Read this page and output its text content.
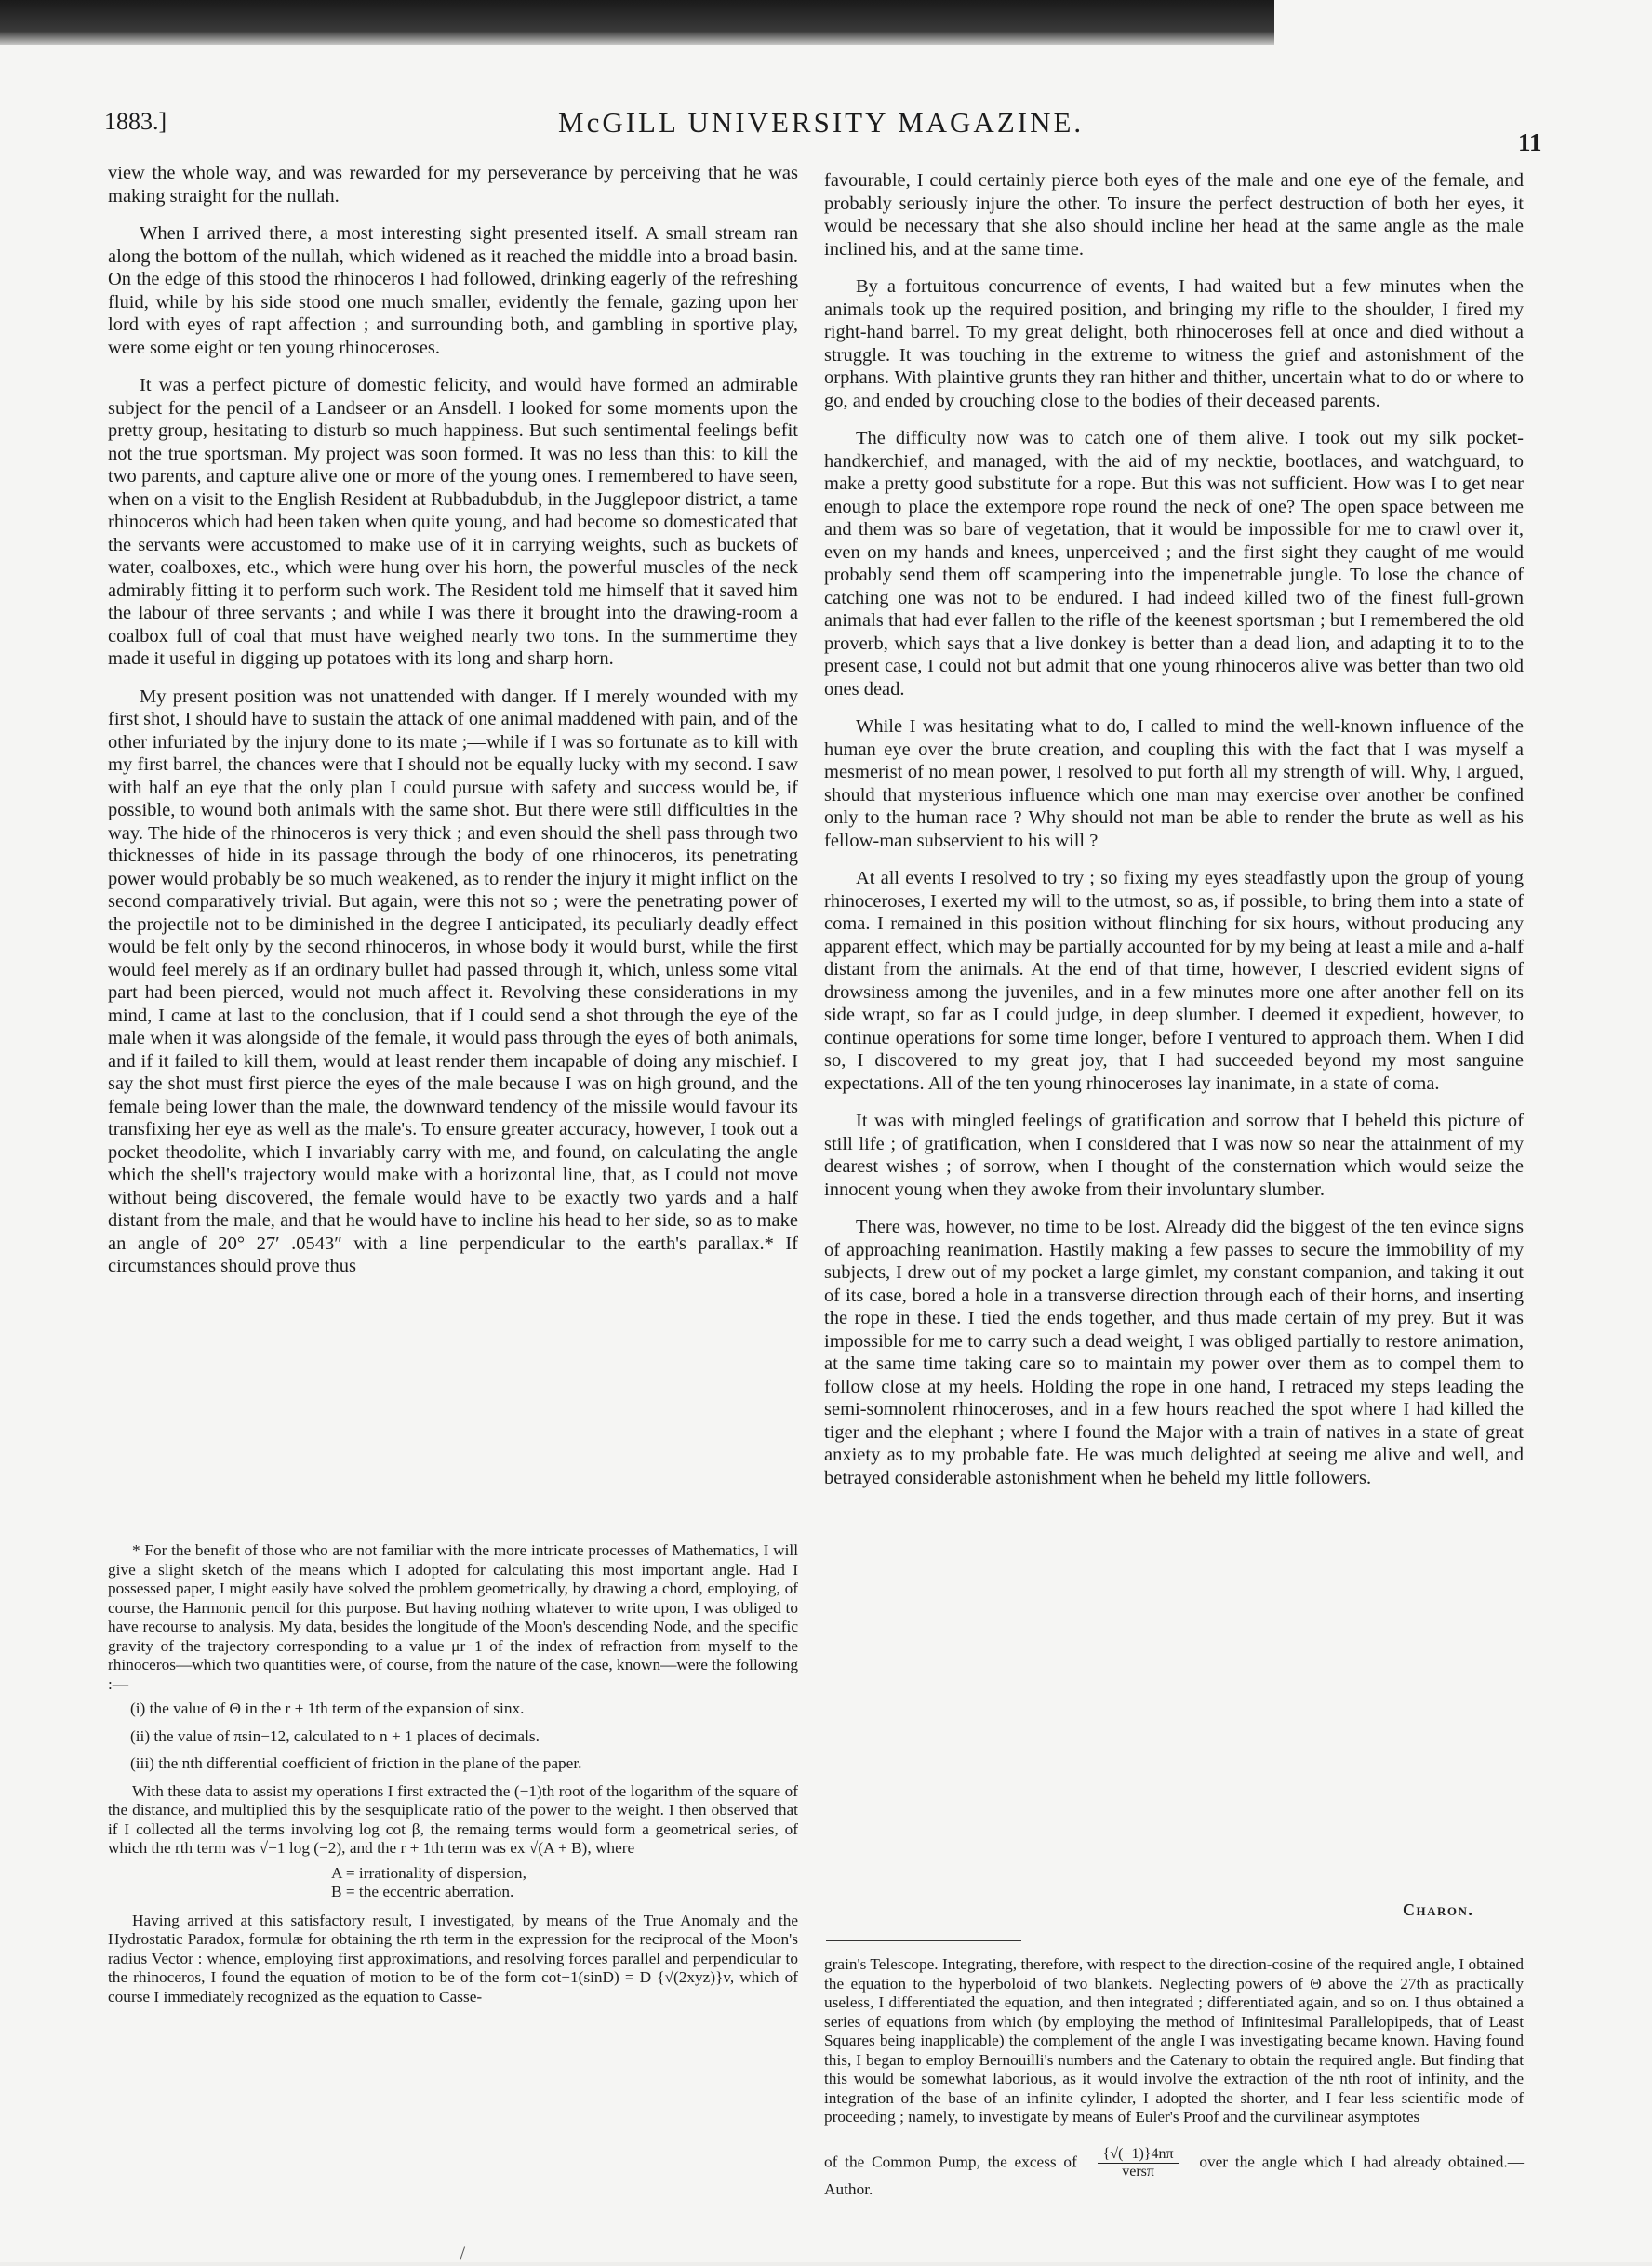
1883.]	McGILL UNIVERSITY MAGAZINE.
11

view the whole way, and was rewarded for my perseverance by perceiving that he was making straight for the nullah.

When I arrived there, a most interesting sight presented itself. A small stream ran along the bottom of the nullah, which widened as it reached the middle into a broad basin. On the edge of this stood the rhinoceros I had followed, drinking eagerly of the refreshing fluid, while by his side stood one much smaller, evidently the female, gazing upon her lord with eyes of rapt affection ; and surrounding both, and gambling in sportive play, were some eight or ten young rhinoceroses.

It was a perfect picture of domestic felicity, and would have formed an admirable subject for the pencil of a Landseer or an Ansdell. I looked for some moments upon the pretty group, hesitating to disturb so much happiness. But such sentimental feelings befit not the true sportsman. My project was soon formed. It was no less than this: to kill the two parents, and capture alive one or more of the young ones. I remembered to have seen, when on a visit to the English Resident at Rubbadubdub, in the Jugglepoor district, a tame rhinoceros which had been taken when quite young, and had become so domesticated that the servants were accustomed to make use of it in carrying weights, such as buckets of water, coalboxes, etc., which were hung over his horn, the powerful muscles of the neck admirably fitting it to perform such work. The Resident told me himself that it saved him the labour of three servants ; and while I was there it brought into the drawing-room a coalbox full of coal that must have weighed nearly two tons. In the summertime they made it useful in digging up potatoes with its long and sharp horn.

My present position was not unattended with danger. If I merely wounded with my first shot, I should have to sustain the attack of one animal maddened with pain, and of the other infuriated by the injury done to its mate ;—while if I was so fortunate as to kill with my first barrel, the chances were that I should not be equally lucky with my second. I saw with half an eye that the only plan I could pursue with safety and success would be, if possible, to wound both animals with the same shot. But there were still difficulties in the way. The hide of the rhinoceros is very thick ; and even should the shell pass through two thicknesses of hide in its passage through the body of one rhinoceros, its penetrating power would probably be so much weakened, as to render the injury it might inflict on the second comparatively trivial. But again, were this not so ; were the penetrating power of the projectile not to be diminished in the degree I anticipated, its peculiarly deadly effect would be felt only by the second rhinoceros, in whose body it would burst, while the first would feel merely as if an ordinary bullet had passed through it, which, unless some vital part had been pierced, would not much affect it. Revolving these considerations in my mind, I came at last to the conclusion, that if I could send a shot through the eye of the male when it was alongside of the female, it would pass through the eyes of both animals, and if it failed to kill them, would at least render them incapable of doing any mischief. I say the shot must first pierce the eyes of the male because I was on high ground, and the female being lower than the male, the downward tendency of the missile would favour its transfixing her eye as well as the male's. To ensure greater accuracy, however, I took out a pocket theodolite, which I invariably carry with me, and found, on calculating the angle which the shell's trajectory would make with a horizontal line, that, as I could not move without being discovered, the female would have to be exactly two yards and a half distant from the male, and that he would have to incline his head to her side, so as to make an angle of 20° 27′ .0543″ with a line perpendicular to the earth's parallax.* If circumstances should prove thus

* For the benefit of those who are not familiar with the more intricate processes of Mathematics, I will give a slight sketch of the means which I adopted for calculating this most important angle. Had I possessed paper, I might easily have solved the problem geometrically, by drawing a chord, employing, of course, the Harmonic pencil for this purpose. But having nothing whatever to write upon, I was obliged to have recourse to analysis. My data, besides the longitude of the Moon's descending Node, and the specific gravity of the trajectory corresponding to a value μr−1 of the index of refraction from myself to the rhinoceros—which two quantities were, of course, from the nature of the case, known—were the following :—

(i) the value of Θ in the r + 1th term of the expansion of sinx.

(ii) the value of πsin−12, calculated to n + 1 places of decimals.

(iii) the nth differential coefficient of friction in the plane of the paper.

With these data to assist my operations I first extracted the (−1)th root of the logarithm of the square of the distance, and multiplied this by the sesquiplicate ratio of the power to the weight. I then observed that if I collected all the terms involving log cot β, the remaing terms would form a geometrical series, of which the rth term was √−1 log (−2), and the r + 1th term was ex √(A + B), where

A = irrationality of dispersion,

B = the eccentric aberration.

Having arrived at this satisfactory result, I investigated, by means of the True Anomaly and the Hydrostatic Paradox, formulæ for obtaining the rth term in the expression for the reciprocal of the Moon's radius Vector : whence, employing first approximations, and resolving forces parallel and perpendicular to the rhinoceros, I found the equation of motion to be of the form cot−1(sinD) = D {√(2xyz)}v, which of course I immediately recognized as the equation to Casse-

favourable, I could certainly pierce both eyes of the male and one eye of the female, and probably seriously injure the other. To insure the perfect destruction of both her eyes, it would be necessary that she also should incline her head at the same angle as the male inclined his, and at the same time.

By a fortuitous concurrence of events, I had waited but a few minutes when the animals took up the required position, and bringing my rifle to the shoulder, I fired my right-hand barrel. To my great delight, both rhinoceroses fell at once and died without a struggle. It was touching in the extreme to witness the grief and astonishment of the orphans. With plaintive grunts they ran hither and thither, uncertain what to do or where to go, and ended by crouching close to the bodies of their deceased parents.

The difficulty now was to catch one of them alive. I took out my silk pocket-handkerchief, and managed, with the aid of my necktie, bootlaces, and watchguard, to make a pretty good substitute for a rope. But this was not sufficient. How was I to get near enough to place the extempore rope round the neck of one? The open space between me and them was so bare of vegetation, that it would be impossible for me to crawl over it, even on my hands and knees, unperceived ; and the first sight they caught of me would probably send them off scampering into the impenetrable jungle. To lose the chance of catching one was not to be endured. I had indeed killed two of the finest full-grown animals that had ever fallen to the rifle of the keenest sportsman ; but I remembered the old proverb, which says that a live donkey is better than a dead lion, and adapting it to to the present case, I could not but admit that one young rhinoceros alive was better than two old ones dead.

While I was hesitating what to do, I called to mind the well-known influence of the human eye over the brute creation, and coupling this with the fact that I was myself a mesmerist of no mean power, I resolved to put forth all my strength of will. Why, I argued, should that mysterious influence which one man may exercise over another be confined only to the human race ? Why should not man be able to render the brute as well as his fellow-man subservient to his will ?

At all events I resolved to try ; so fixing my eyes steadfastly upon the group of young rhinoceroses, I exerted my will to the utmost, so as, if possible, to bring them into a state of coma. I remained in this position without flinching for six hours, without producing any apparent effect, which may be partially accounted for by my being at least a mile and a-half distant from the animals. At the end of that time, however, I descried evident signs of drowsiness among the juveniles, and in a few minutes more one after another fell on its side wrapt, so far as I could judge, in deep slumber. I deemed it expedient, however, to continue operations for some time longer, before I ventured to approach them. When I did so, I discovered to my great joy, that I had succeeded beyond my most sanguine expectations. All of the ten young rhinoceroses lay inanimate, in a state of coma.

It was with mingled feelings of gratification and sorrow that I beheld this picture of still life ; of gratification, when I considered that I was now so near the attainment of my dearest wishes ; of sorrow, when I thought of the consternation which would seize the innocent young when they awoke from their involuntary slumber.

There was, however, no time to be lost. Already did the biggest of the ten evince signs of approaching reanimation. Hastily making a few passes to secure the immobility of my subjects, I drew out of my pocket a large gimlet, my constant companion, and taking it out of its case, bored a hole in a transverse direction through each of their horns, and inserting the rope in these. I tied the ends together, and thus made certain of my prey. But it was impossible for me to carry such a dead weight, I was obliged partially to restore animation, at the same time taking care so to maintain my power over them as to compel them to follow close at my heels. Holding the rope in one hand, I retraced my steps leading the semi-somnolent rhinoceroses, and in a few hours reached the spot where I had killed the tiger and the elephant ; where I found the Major with a train of natives in a state of great anxiety as to my probable fate. He was much delighted at seeing me alive and well, and betrayed considerable astonishment when he beheld my little followers.

Charon.

grain's Telescope. Integrating, therefore, with respect to the direction-cosine of the required angle, I obtained the equation to the hyperboloid of two blankets. Neglecting powers of Θ above the 27th as practically useless, I differentiated the equation, and then integrated ; differentiated again, and so on. I thus obtained a series of equations from which (by employing the method of Infinitesimal Parallelopipeds, that of Least Squares being inapplicable) the complement of the angle I was investigating became known. Having found this, I began to employ Bernouilli's numbers and the Catenary to obtain the required angle. But finding that this would be somewhat laborious, as it would involve the extraction of the nth root of infinity, and the integration of the base of an infinite cylinder, I adopted the shorter, and I fear less scientific mode of proceeding ; namely, to investigate by means of Euler's Proof and the curvilinear asymptotes

of the Common Pump, the excess of $\frac{\{√(-1)\}4n\pi}{\text{versπ}}$ over the angle which I had already obtained.—Author.

/
